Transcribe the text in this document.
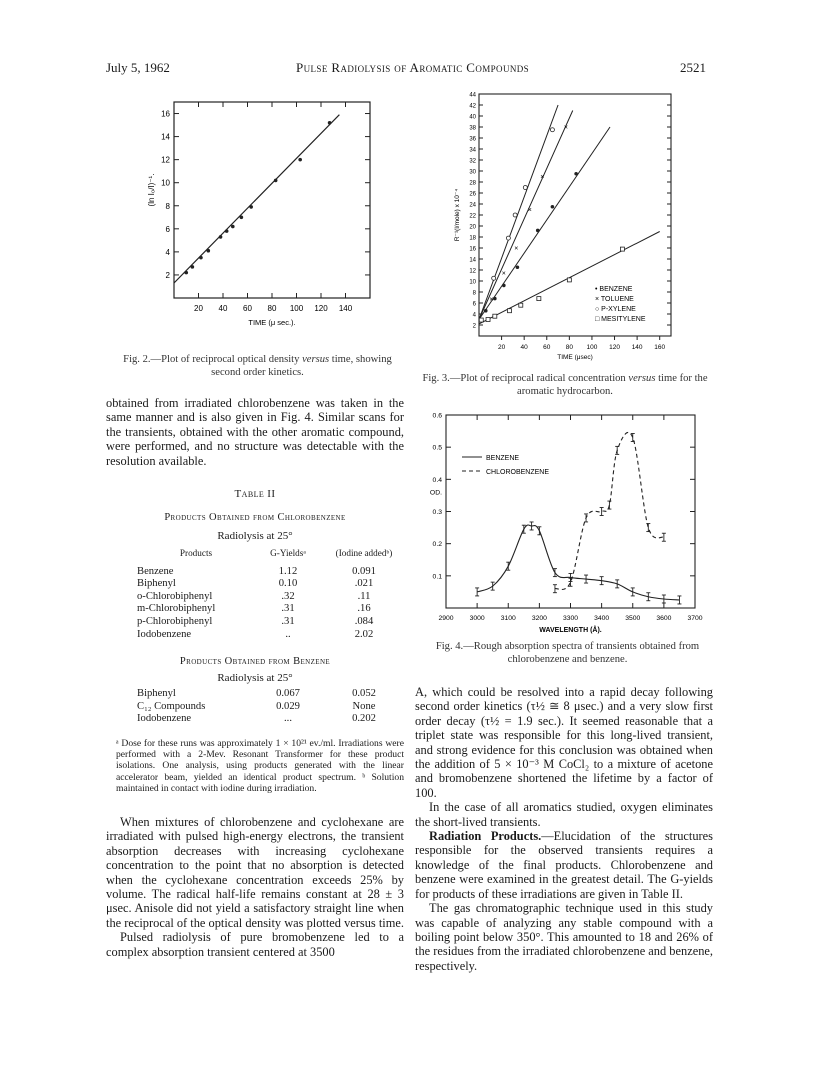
July 5, 1962	Pulse Radiolysis of Aromatic Compounds	2521
20 40 60 80 100 120 140
2
4
6
8
10
12
14
16
TIME (μ sec.).
(ln I₀/I)⁻¹.
Fig. 2.—Plot of reciprocal optical density versus time, showing second order kinetics.
20 40 60 80 100 120 140 160
2
4
6
8
10
12
14
16
18
20
22
24
26
28
30
32
34
36
38
40
42
44
×
×
×
×
×
×
• BENZENE
× TOLUENE
○ P-XYLENE
□ MESITYLENE
TIME (μsec)
R⁻¹(l/mole) x 10⁻⁴
Fig. 3.—Plot of reciprocal radical concentration versus time for the aromatic hydrocarbon.
2900 3000 3100 3200 3300 3400 3500 3600 3700
0.1
0.2
0.3
0.4
0.5
0.6
OD.
BENZENE
CHLOROBENZENE
WAVELENGTH (Å).
Fig. 4.—Rough absorption spectra of transients obtained from chlorobenzene and benzene.

obtained from irradiated chlorobenzene was taken in the same manner and is also given in Fig. 4. Similar scans for the transients, obtained with the other aromatic compound, were performed, and no structure was detectable with the resolution available.

Table II
Products Obtained from Chlorobenzene
Radiolysis at 25°
Products	G-Yieldsᵃ	(Iodine addedᵇ)

Benzene	1.12	0.091
Biphenyl	0.10	.021
o-Chlorobiphenyl	.32	.11
m-Chlorobiphenyl	.31	.16
p-Chlorobiphenyl	.31	.084
Iodobenzene	..	2.02
Products Obtained from Benzene
Radiolysis at 25°
Biphenyl	0.067	0.052
C₁₂ Compounds	0.029	None
Iodobenzene	...	0.202
ᵃ Dose for these runs was approximately 1 × 10²¹ ev./ml. Irradiations were performed with a 2-Mev. Resonant Transformer for these product isolations. One analysis, using products generated with the linear accelerator beam, yielded an identical product spectrum. ᵇ Solution maintained in contact with iodine during irradiation.

When mixtures of chlorobenzene and cyclohexane are irradiated with pulsed high-energy electrons, the transient absorption decreases with increasing cyclohexane concentration to the point that no absorption is detected when the cyclohexane concentration exceeds 25% by volume. The radical half-life remains constant at 28 ± 3 μsec. Anisole did not yield a satisfactory straight line when the reciprocal of the optical density was plotted versus time.

Pulsed radiolysis of pure bromobenzene led to a complex absorption transient centered at 3500

A, which could be resolved into a rapid decay following second order kinetics (τ½ ≅ 8 μsec.) and a very slow first order decay (τ½ = 1.9 sec.). It seemed reasonable that a triplet state was responsible for this long-lived transient, and strong evidence for this conclusion was obtained when the addition of 5 × 10⁻³ M CoCl₂ to a mixture of acetone and bromobenzene shortened the lifetime by a factor of 100.

In the case of all aromatics studied, oxygen eliminates the short-lived transients.

Radiation Products.—Elucidation of the structures responsible for the observed transients requires a knowledge of the final products. Chlorobenzene and benzene were examined in the greatest detail. The G-yields for products of these irradiations are given in Table II.

The gas chromatographic technique used in this study was capable of analyzing any stable compound with a boiling point below 350°. This amounted to 18 and 26% of the residues from the irradiated chlorobenzene and benzene, respectively.
